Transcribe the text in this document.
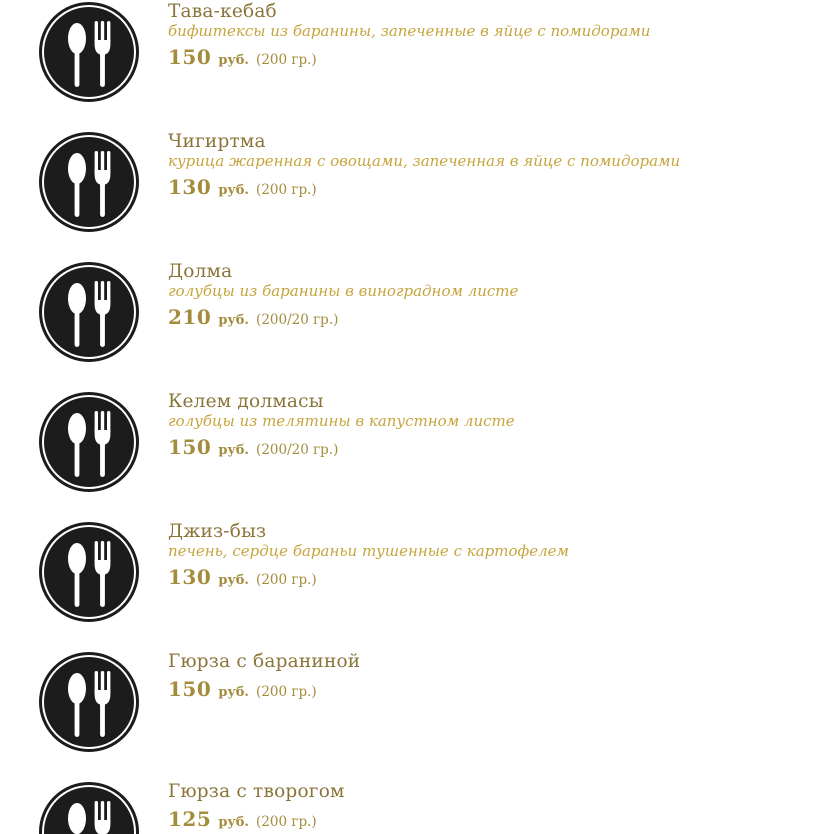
Тава-кебаб
бифштексы из баранины, запеченные в яйце с помидорами
150 руб. (200 гр.)
Чигиртма
курица жаренная с овощами, запеченная в яйце с помидорами
130 руб. (200 гр.)
Долма
голубцы из баранины в виноградном листе
210 руб. (200/20 гр.)
Келем долмасы
голубцы из телятины в капустном листе
150 руб. (200/20 гр.)
Джиз-быз
печень, сердце бараньи тушенные с картофелем
130 руб. (200 гр.)
Гюрза с бараниной
150 руб. (200 гр.)
Гюрза с творогом
125 руб. (200 гр.)
